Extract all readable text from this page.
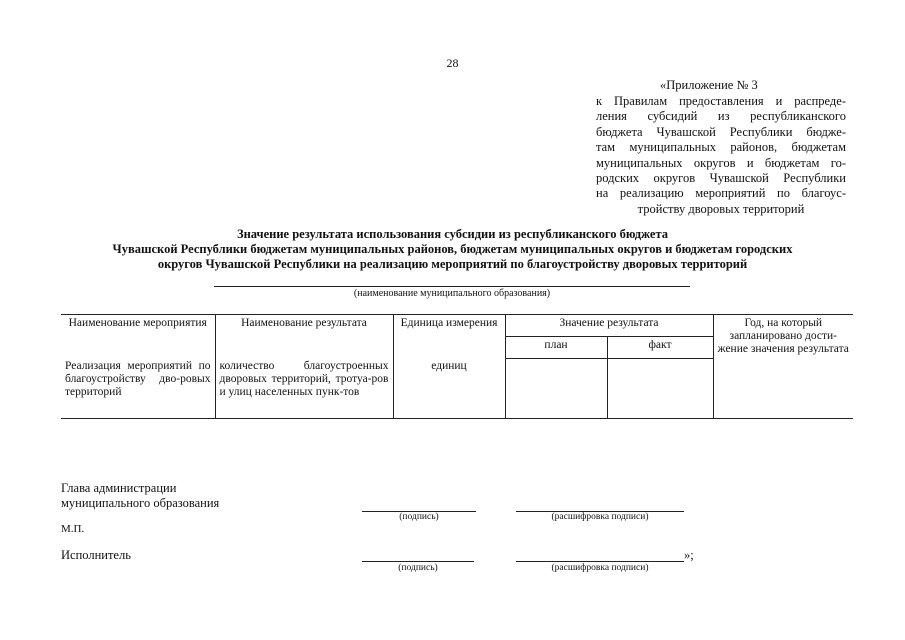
28
«Приложение № 3
к Правилам предоставления и распреде-
ления субсидий из республиканского
бюджета Чувашской Республики бюдже-
там муниципальных районов, бюджетам
муниципальных округов и бюджетам го-
родских округов Чувашской Республики
на реализацию мероприятий по благоус-
тройству дворовых территорий
Значение результата использования субсидии из республиканского бюджета
Чувашской Республики бюджетам муниципальных районов, бюджетам муниципальных округов и бюджетам городских
округов Чувашской Республики на реализацию мероприятий по благоустройству дворовых территорий
(наименование муниципального образования)
Наименование мероприятия	Наименование результата	Единица измерения	Значение результата		Год, на который запланировано дости-жение значения результата
			план	факт	
Реализация мероприятий по благоустройству дво-ровых территорий	количество благоустроенных дворовых территорий, тротуа-ров и улиц населенных пунк-тов	единиц			
Глава администрации
муниципального образования
(подпись)	(расшифровка подписи)
М.П.
Исполнитель
(подпись)	(расшифровка подписи)
»;
